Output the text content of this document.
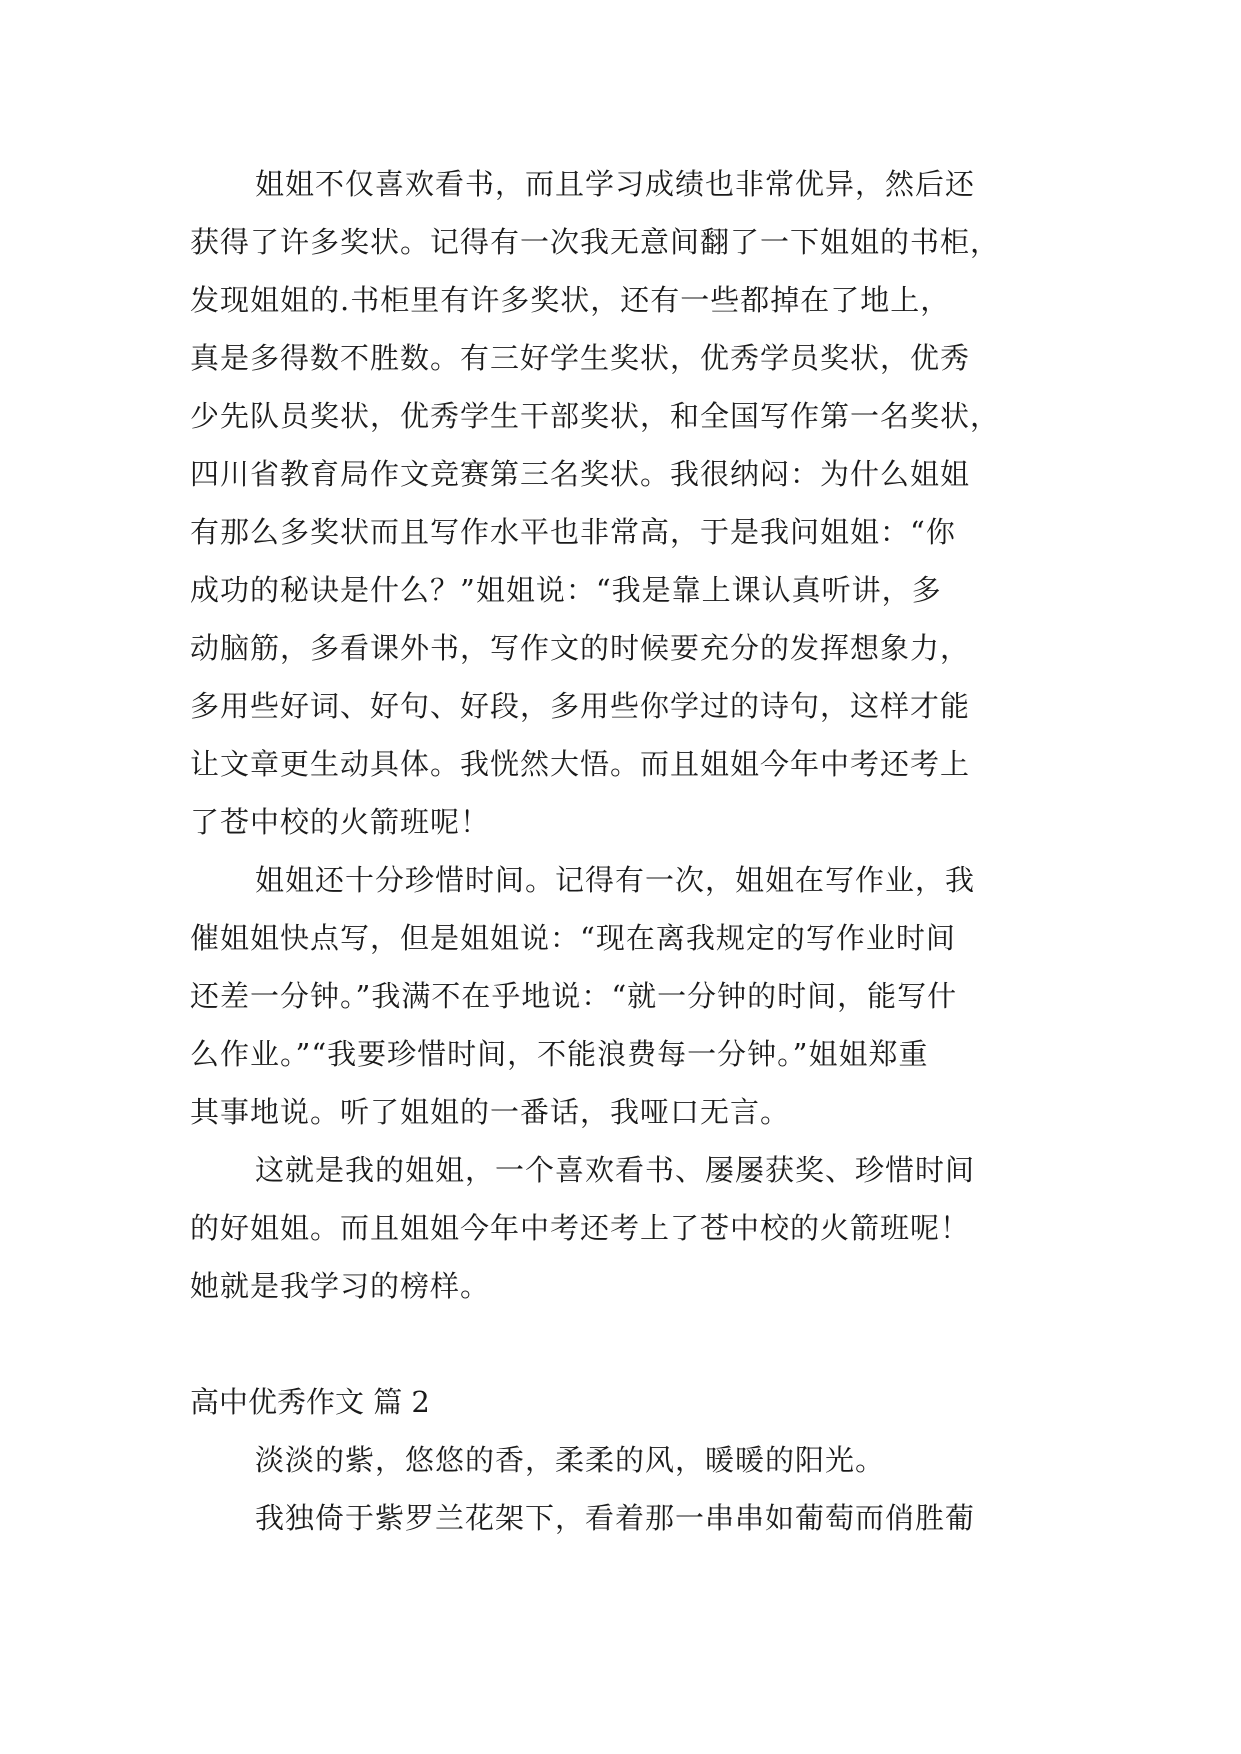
姐姐不仅喜欢看书，而且学习成绩也非常优异，然后还
获得了许多奖状。记得有一次我无意间翻了一下姐姐的书柜，
发现姐姐的.书柜里有许多奖状，还有一些都掉在了地上，
真是多得数不胜数。有三好学生奖状，优秀学员奖状，优秀
少先队员奖状，优秀学生干部奖状，和全国写作第一名奖状，
四川省教育局作文竞赛第三名奖状。我很纳闷：为什么姐姐
有那么多奖状而且写作水平也非常高，于是我问姐姐：“你
成功的秘诀是什么？”姐姐说：“我是靠上课认真听讲，多
动脑筋，多看课外书，写作文的时候要充分的发挥想象力，
多用些好词、好句、好段，多用些你学过的诗句，这样才能
让文章更生动具体。我恍然大悟。而且姐姐今年中考还考上
了苍中校的火箭班呢！
姐姐还十分珍惜时间。记得有一次，姐姐在写作业，我
催姐姐快点写，但是姐姐说：“现在离我规定的写作业时间
还差一分钟。”我满不在乎地说：“就一分钟的时间，能写什
么作业。”“我要珍惜时间，不能浪费每一分钟。”姐姐郑重
其事地说。听了姐姐的一番话，我哑口无言。
这就是我的姐姐，一个喜欢看书、屡屡获奖、珍惜时间
的好姐姐。而且姐姐今年中考还考上了苍中校的火箭班呢！
她就是我学习的榜样。
高中优秀作文 篇 2
淡淡的紫，悠悠的香，柔柔的风，暖暖的阳光。
我独倚于紫罗兰花架下，看着那一串串如葡萄而俏胜葡
